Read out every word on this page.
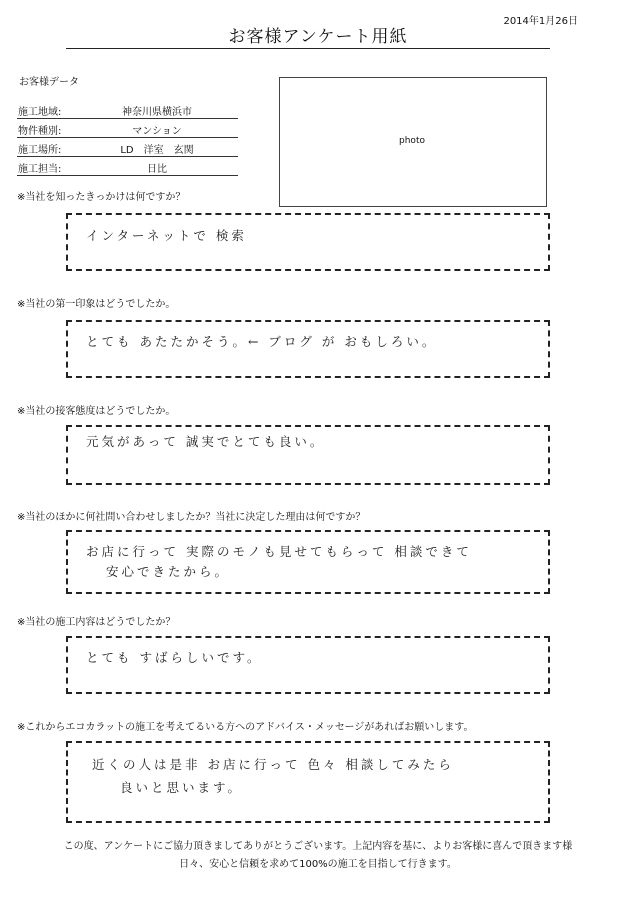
2014年1月26日
お客様アンケート用紙
お客様データ
施工地域:	神奈川県横浜市
物件種別:	マンション
施工場所:	LD　洋室　玄関
施工担当:	日比
photo
※当社を知ったきっかけは何ですか？
インターネットで 検索
※当社の第一印象はどうでしたか。
とても あたたかそう。← ブログ が おもしろい。
※当社の接客態度はどうでしたか。
元気があって 誠実でとても良い。
※当社のほかに何社問い合わせしましたか？当社に決定した理由は何ですか？
お店に行って 実際のモノも見せてもらって 相談できて
安心できたから。
※当社の施工内容はどうでしたか？
とても すばらしいです。
※これからエコカラットの施工を考えてるいる方へのアドバイス・メッセージがあればお願いします。
近くの人は是非 お店に行って 色々 相談してみたら
良いと思います。
この度、アンケートにご協力頂きましてありがとうございます。上記内容を基に、よりお客様に喜んで頂きます様
日々、安心と信頼を求めて100%の施工を目指して行きます。
